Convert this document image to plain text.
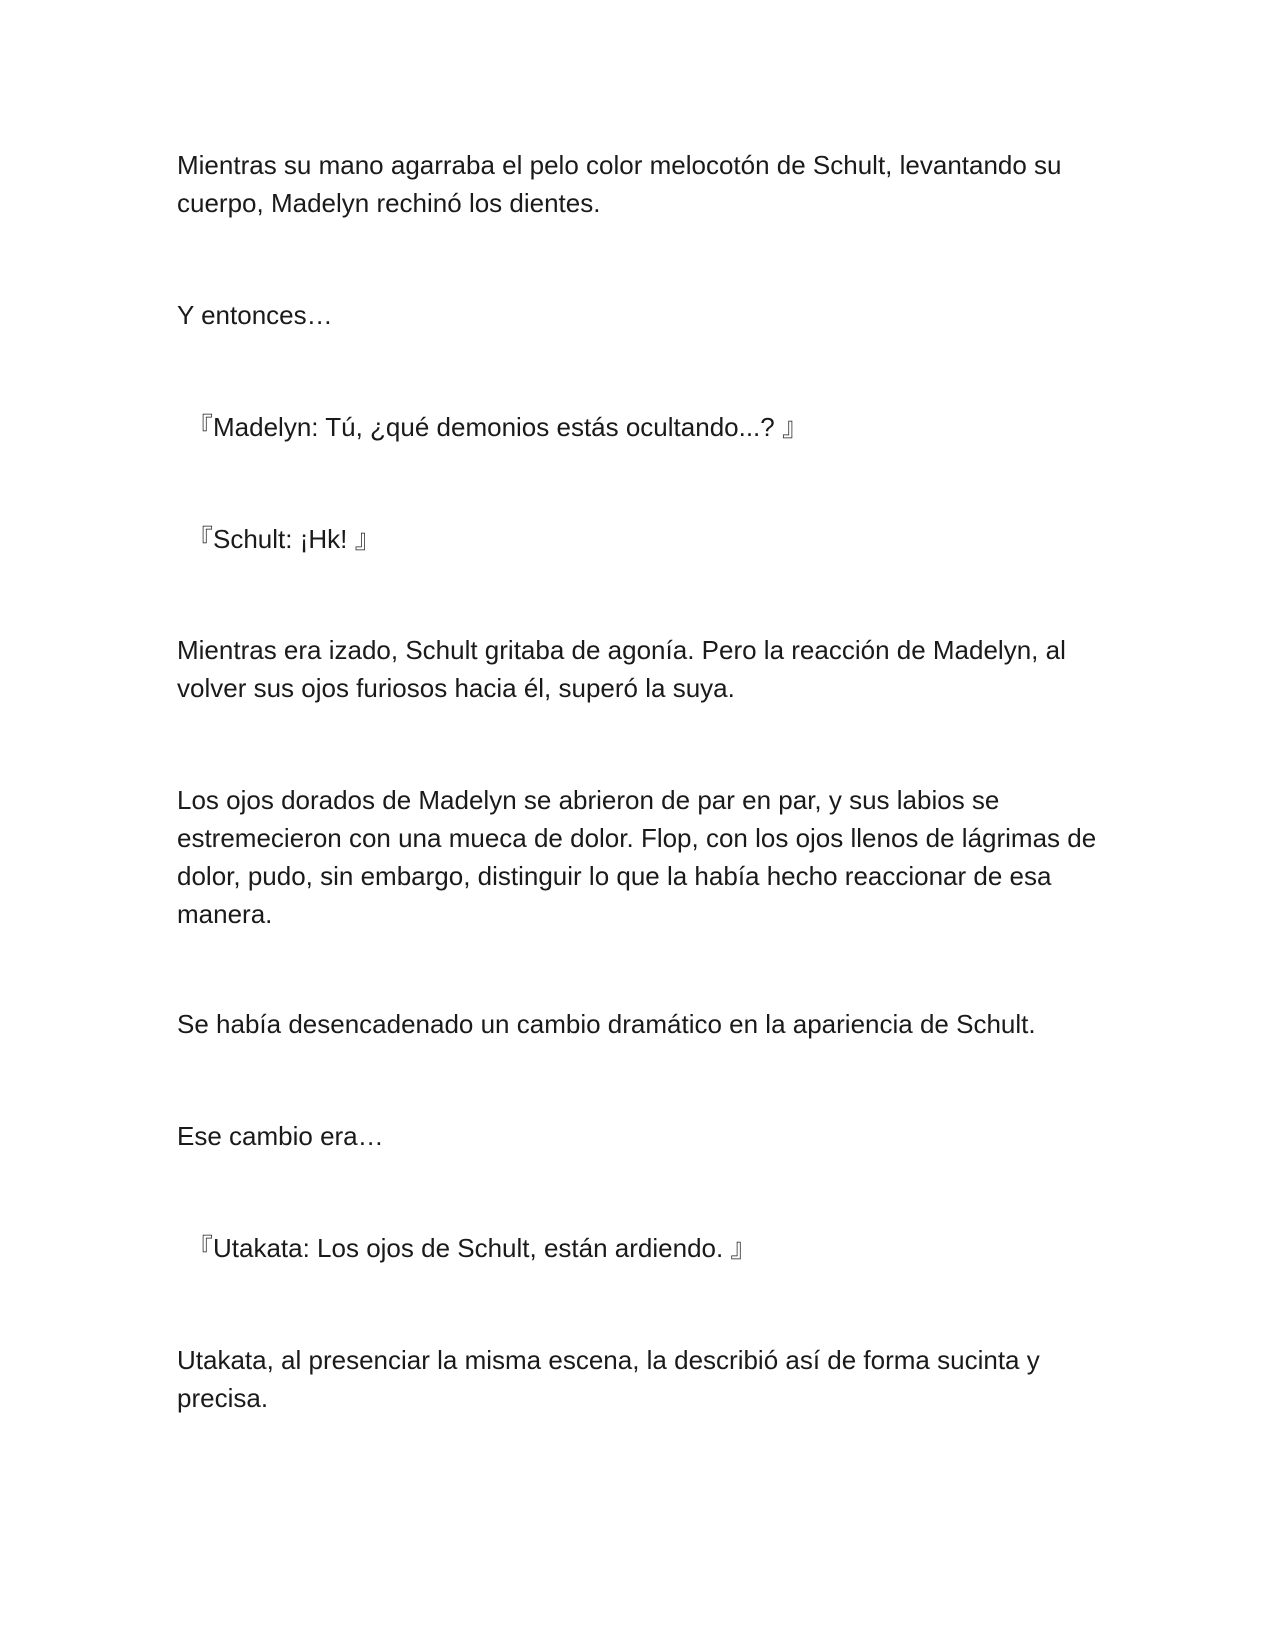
Mientras su mano agarraba el pelo color melocotón de Schult, levantando su cuerpo, Madelyn rechinó los dientes.

Y entonces…

『Madelyn: Tú, ¿qué demonios estás ocultando...? 』

『Schult: ¡Hk! 』

Mientras era izado, Schult gritaba de agonía. Pero la reacción de Madelyn, al volver sus ojos furiosos hacia él, superó la suya.

Los ojos dorados de Madelyn se abrieron de par en par, y sus labios se estremecieron con una mueca de dolor. Flop, con los ojos llenos de lágrimas de dolor, pudo, sin embargo, distinguir lo que la había hecho reaccionar de esa manera.

Se había desencadenado un cambio dramático en la apariencia de Schult.

Ese cambio era…

『Utakata: Los ojos de Schult, están ardiendo. 』

Utakata, al presenciar la misma escena, la describió así de forma sucinta y precisa.
